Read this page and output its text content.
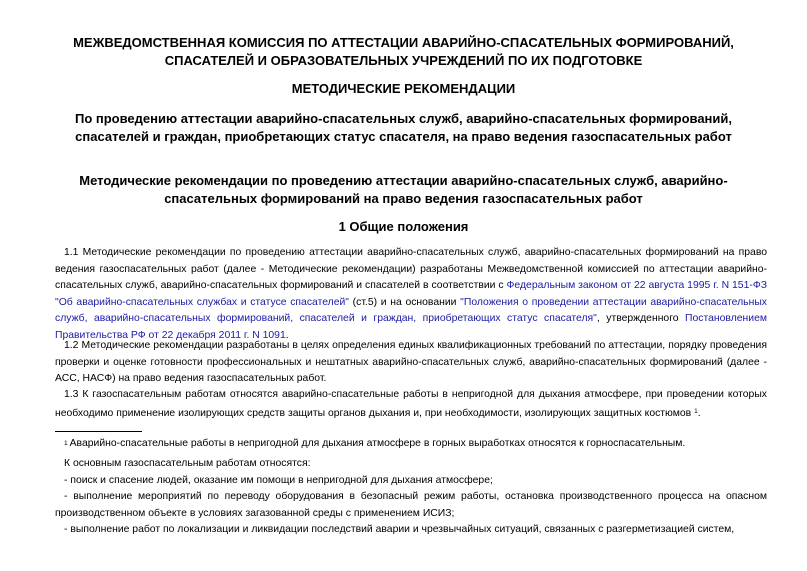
МЕЖВЕДОМСТВЕННАЯ КОМИССИЯ ПО АТТЕСТАЦИИ АВАРИЙНО-СПАСАТЕЛЬНЫХ ФОРМИРОВАНИЙ,
СПАСАТЕЛЕЙ И ОБРАЗОВАТЕЛЬНЫХ УЧРЕЖДЕНИЙ ПО ИХ ПОДГОТОВКЕ
МЕТОДИЧЕСКИЕ РЕКОМЕНДАЦИИ
По проведению аттестации аварийно-спасательных служб, аварийно-спасательных формирований,
спасателей и граждан, приобретающих статус спасателя, на право ведения газоспасательных работ
Методические рекомендации по проведению аттестации аварийно-спасательных служб, аварийно-
спасательных формирований на право ведения газоспасательных работ
1 Общие положения
1.1 Методические рекомендации по проведению аттестации аварийно-спасательных служб, аварийно-спасательных формирований на право ведения газоспасательных работ (далее - Методические рекомендации) разработаны Межведомственной комиссией по аттестации аварийно-спасательных служб, аварийно-спасательных формирований и спасателей в соответствии с Федеральным законом от 22 августа 1995 г. N 151-ФЗ "Об аварийно-спасательных службах и статусе спасателей" (ст.5) и на основании "Положения о проведении аттестации аварийно-спасательных служб, аварийно-спасательных формирований, спасателей и граждан, приобретающих статус спасателя", утвержденного Постановлением Правительства РФ от 22 декабря 2011 г. N 1091.
1.2 Методические рекомендации разработаны в целях определения единых квалификационных требований по аттестации, порядку проведения проверки и оценке готовности профессиональных и нештатных аварийно-спасательных служб, аварийно-спасательных формирований (далее - АСС, НАСФ) на право ведения газоспасательных работ.
1.3 К газоспасательным работам относятся аварийно-спасательные работы в непригодной для дыхания атмосфере, при проведении которых необходимо применение изолирующих средств защиты органов дыхания и, при необходимости, изолирующих защитных костюмов $^1$.
$^1$ Аварийно-спасательные работы в непригодной для дыхания атмосфере в горных выработках относятся к горноспасательным.
К основным газоспасательным работам относятся:
- поиск и спасение людей, оказание им помощи в непригодной для дыхания атмосфере;
- выполнение мероприятий по переводу оборудования в безопасный режим работы, остановка производственного процесса на опасном производственном объекте в условиях загазованной среды с применением ИСИЗ;
- выполнение работ по локализации и ликвидации последствий аварии и чрезвычайных ситуаций, связанных с разгерметизацией систем,
